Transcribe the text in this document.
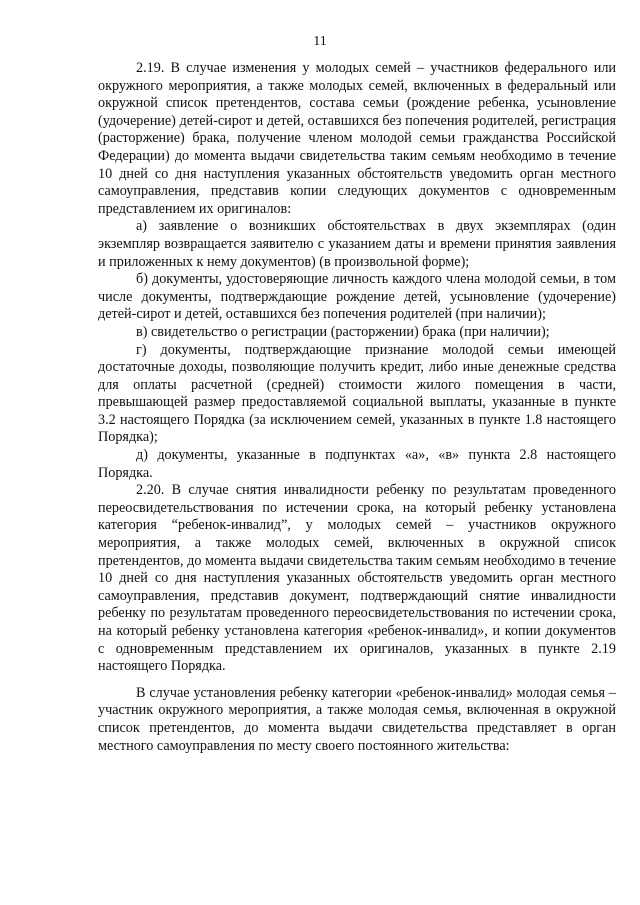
11

2.19. В случае изменения у молодых семей – участников федерального или окружного мероприятия, а также молодых семей, включенных в федеральный или окружной список претендентов, состава семьи (рождение ребенка, усыновление (удочерение) детей-сирот и детей, оставшихся без попечения родителей, регистрация (расторжение) брака, получение членом молодой семьи гражданства Российской Федерации) до момента выдачи свидетельства таким семьям необходимо в течение 10 дней со дня наступления указанных обстоятельств уведомить орган местного самоуправления, представив копии следующих документов с одновременным представлением их оригиналов:

а) заявление о возникших обстоятельствах в двух экземплярах (один экземпляр возвращается заявителю с указанием даты и времени принятия заявления и приложенных к нему документов) (в произвольной форме);

б) документы, удостоверяющие личность каждого члена молодой семьи, в том числе документы, подтверждающие рождение детей, усыновление (удочерение) детей-сирот и детей, оставшихся без попечения родителей (при наличии);

в) свидетельство о регистрации (расторжении) брака (при наличии);

г) документы, подтверждающие признание молодой семьи имеющей достаточные доходы, позволяющие получить кредит, либо иные денежные средства для оплаты расчетной (средней) стоимости жилого помещения в части, превышающей размер предоставляемой социальной выплаты, указанные в пункте 3.2 настоящего Порядка (за исключением семей, указанных в пункте 1.8 настоящего Порядка);

д) документы, указанные в подпунктах «а», «в» пункта 2.8 настоящего Порядка.

2.20. В случае снятия инвалидности ребенку по результатам проведенного переосвидетельствования по истечении срока, на который ребенку установлена категория “ребенок-инвалид”, у молодых семей – участников окружного мероприятия, а также молодых семей, включенных в окружной список претендентов, до момента выдачи свидетельства таким семьям необходимо в течение 10 дней со дня наступления указанных обстоятельств уведомить орган местного самоуправления, представив документ, подтверждающий снятие инвалидности ребенку по результатам проведенного переосвидетельствования по истечении срока, на который ребенку установлена категория «ребенок-инвалид», и копии документов с одновременным представлением их оригиналов, указанных в пункте 2.19 настоящего Порядка.

В случае установления ребенку категории «ребенок-инвалид» молодая семья – участник окружного мероприятия, а также молодая семья, включенная в окружной список претендентов, до момента выдачи свидетельства представляет в орган местного самоуправления по месту своего постоянного жительства:
